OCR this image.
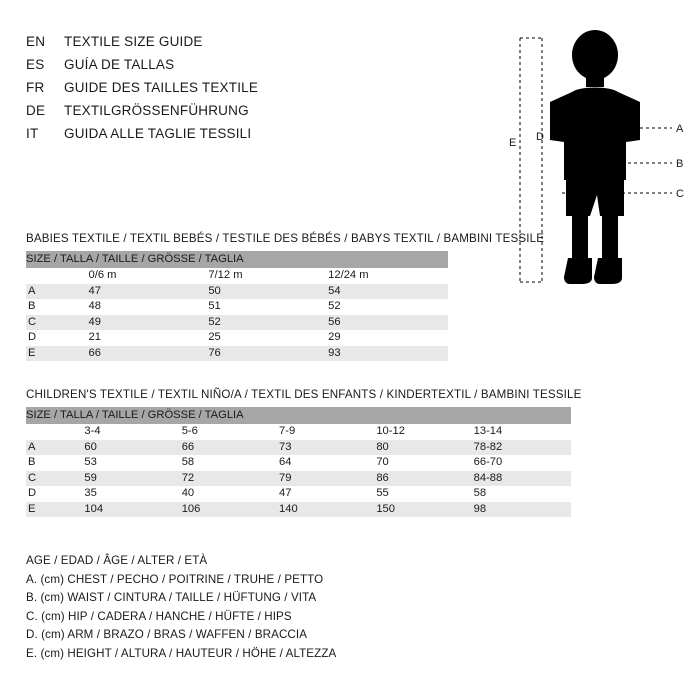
EN	TEXTILE SIZE GUIDE
ES	GUÍA DE TALLAS
FR	GUIDE DES TAILLES TEXTILE
DE	TEXTILGRÖSSENFÜHRUNG
IT	GUIDA ALLE TAGLIE TESSILI	A
B
C
D
E
BABIES TEXTILE / TEXTIL BEBÉS / TESTILE DES BÉBÉS / BABYS TEXTIL / BAMBINI TESSILE
SIZE / TALLA / TAILLE / GRÖSSE / TAGLIA			
	0/6 m	7/12 m	12/24 m
A	47	50	54
B	48	51	52
C	49	52	56
D	21	25	29
E	66	76	93
CHILDREN'S TEXTILE / TEXTIL NIÑO/A / TEXTIL DES ENFANTS / KINDERTEXTIL / BAMBINI TESSILE
SIZE / TALLA / TAILLE / GRÖSSE / TAGLIA					
	3-4	5-6	7-9	10-12	13-14
A	60	66	73	80	78-82
B	53	58	64	70	66-70
C	59	72	79	86	84-88
D	35	40	47	55	58
E	104	106	140	150	98
AGE / EDAD / ÂGE / ALTER / ETÀ
A. (cm) CHEST / PECHO / POITRINE / TRUHE / PETTO
B. (cm) WAIST / CINTURA / TAILLE / HÜFTUNG / VITA
C. (cm) HIP / CADERA / HANCHE / HÜFTE / HIPS
D. (cm) ARM / BRAZO / BRAS / WAFFEN / BRACCIA
E. (cm) HEIGHT / ALTURA / HAUTEUR / HÖHE / ALTEZZA
